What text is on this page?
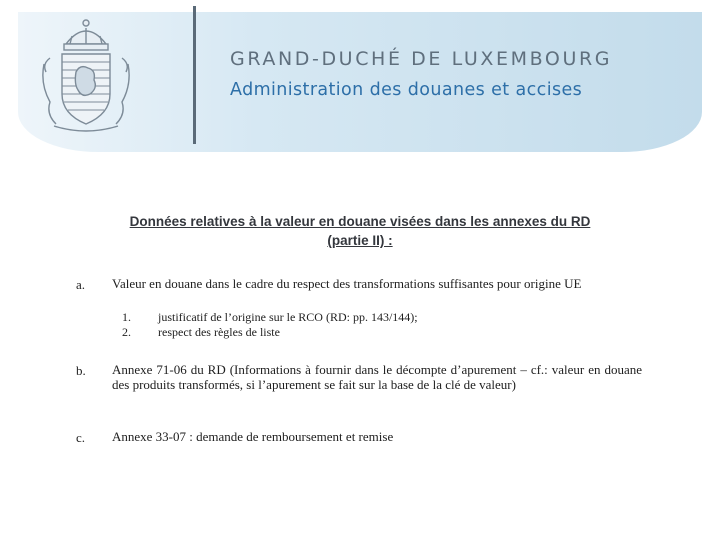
GRAND-DUCHÉ DE LUXEMBOURG
Administration des douanes et accises
Données relatives à la valeur en douane visées dans les annexes du RD
(partie II) :
a. Valeur en douane dans le cadre du respect des transformations suffisantes pour origine UE
1. justificatif de l’origine sur le RCO (RD: pp. 143/144);
2. respect des règles de liste
b. Annexe 71-06 du RD (Informations à fournir dans le décompte d’apurement – cf.: valeur en douane des produits transformés, si l’apurement se fait sur la base de la clé de valeur)
c. Annexe 33-07 : demande de remboursement et remise
